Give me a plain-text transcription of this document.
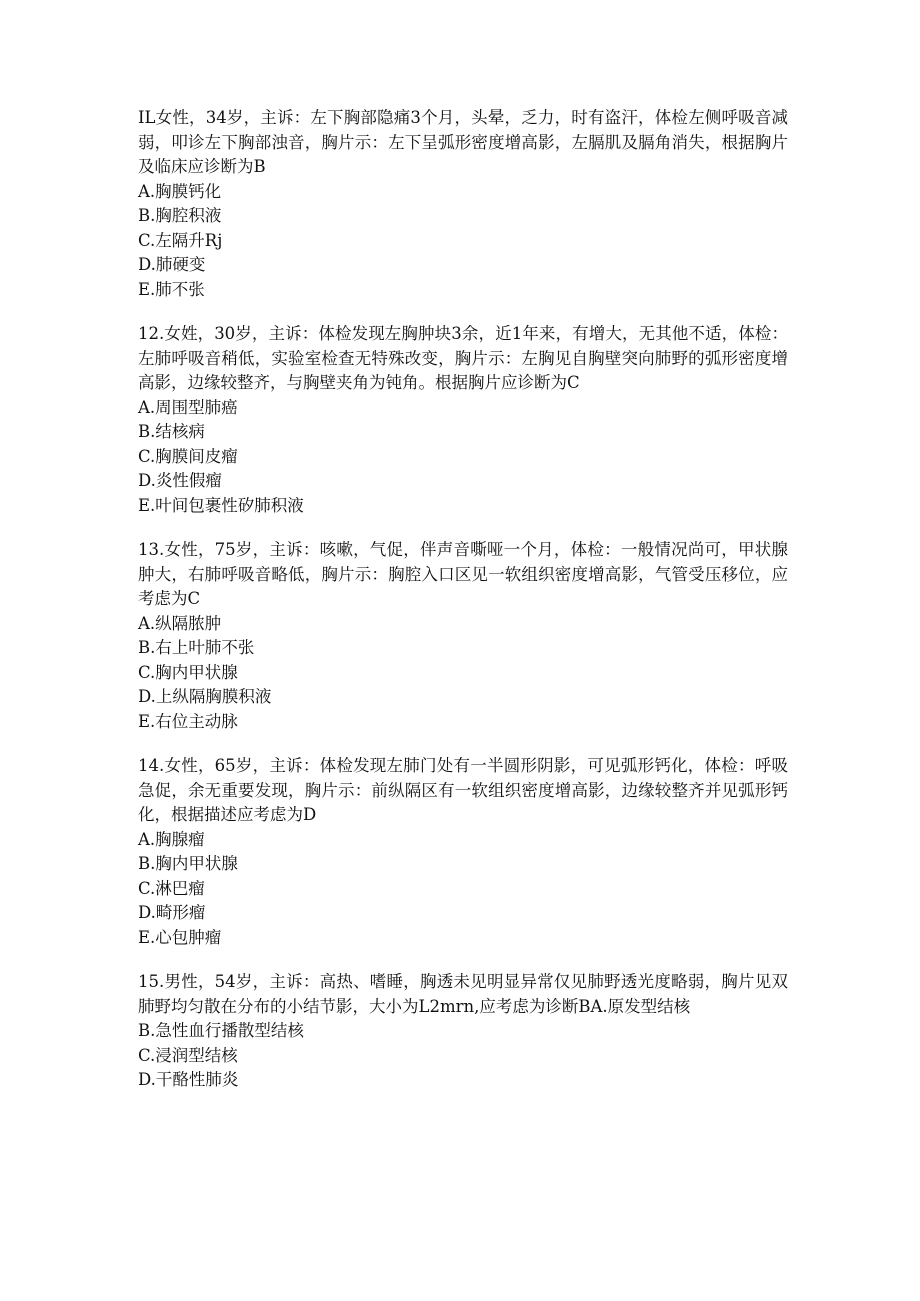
IL女性，34岁，主诉：左下胸部隐痛3个月，头晕，乏力，时有盗汗，体检左侧呼吸音减弱，叩诊左下胸部浊音，胸片示：左下呈弧形密度增高影，左膈肌及膈角消失，根据胸片及临床应诊断为B
A.胸膜钙化
B.胸腔积液
C.左隔升Rj
D.肺硬变
E.肺不张
12.女姓，30岁，主诉：体检发现左胸肿块3余，近1年来，有增大，无其他不适，体检：左肺呼吸音稍低，实验室检查无特殊改变，胸片示：左胸见自胸壁突向肺野的弧形密度增高影，边缘较整齐，与胸壁夹角为钝角。根据胸片应诊断为C
A.周围型肺癌
B.结核病
C.胸膜间皮瘤
D.炎性假瘤
E.叶间包裹性矽肺积液
13.女性，75岁，主诉：咳嗽，气促，伴声音嘶哑一个月，体检：一般情况尚可，甲状腺肿大，右肺呼吸音略低，胸片示：胸腔入口区见一软组织密度增高影，气管受压移位，应考虑为C
A.纵隔脓肿
B.右上叶肺不张
C.胸内甲状腺
D.上纵隔胸膜积液
E.右位主动脉
14.女性，65岁，主诉：体检发现左肺门处有一半圆形阴影，可见弧形钙化，体检：呼吸急促，余无重要发现，胸片示：前纵隔区有一软组织密度增高影，边缘较整齐并见弧形钙化，根据描述应考虑为D
A.胸腺瘤
B.胸内甲状腺
C.淋巴瘤
D.畸形瘤
E.心包肿瘤
15.男性，54岁，主诉：高热、嗜睡，胸透未见明显异常仅见肺野透光度略弱，胸片见双肺野均匀散在分布的小结节影，大小为L2mrn,应考虑为诊断BA.原发型结核
B.急性血行播散型结核
C.浸润型结核
D.干酪性肺炎
